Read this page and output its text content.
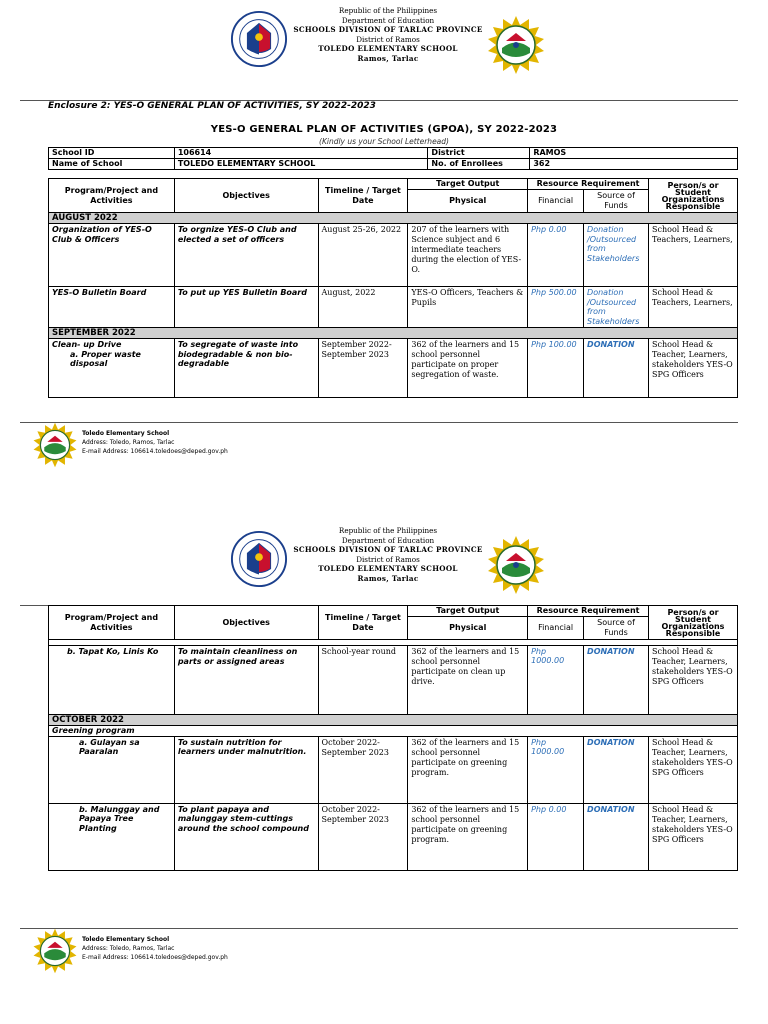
Republic of the Philippines
Department of Education
SCHOOLS DIVISION OF TARLAC PROVINCE
District of Ramos
TOLEDO ELEMENTARY SCHOOL
Ramos, Tarlac
Enclosure 2: YES-O GENERAL PLAN OF ACTIVITIES, SY 2022-2023
YES-O GENERAL PLAN OF ACTIVITIES (GPOA), SY 2022-2023
(Kindly us your School Letterhead)
School ID	106614	District	RAMOS
Name of School	TOLEDO ELEMENTARY SCHOOL	No. of Enrollees	362
Program/Project and Activities	Objectives	Timeline / Target Date	Target Output	Resource Requirement		Person/s or Student Organizations Responsible
			Physical	Financial	Source of Funds	
AUGUST 2022						
Organization of YES-O Club & Officers	To orgnize YES-O Club and elected a set of officers	August 25-26, 2022	207 of the learners with Science subject and 6 intermediate teachers during the election of YES-O.	Php 0.00	Donation /Outsourced from Stakeholders	School Head & Teachers, Learners,
YES-O Bulletin Board	To put up YES Bulletin Board	August, 2022	YES-O Officers, Teachers & Pupils	Php 500.00	Donation /Outsourced from Stakeholders	School Head & Teachers, Learners,
SEPTEMBER 2022						

Clean- up Drive
a. Proper waste disposal	To segregate of waste into biodegradable & non bio-degradable	September 2022-September 2023	362 of the learners and 15 school personnel participate on proper segregation of waste.	Php 100.00	DONATION	School Head & Teacher, Learners, stakeholders YES-O SPG Officers
Toledo Elementary School
Address: Toledo, Ramos, Tarlac
E-mail Address: 106614.toledoes@deped.gov.ph
Republic of the Philippines
Department of Education
SCHOOLS DIVISION OF TARLAC PROVINCE
District of Ramos
TOLEDO ELEMENTARY SCHOOL
Ramos, Tarlac
Program/Project and Activities	Objectives	Timeline / Target Date	Target Output	Resource Requirement		Person/s or Student Organizations Responsible
			Physical	Financial	Source of Funds	

b. Tapat Ko, Linis Ko	To maintain cleanliness on parts or assigned areas	School-year round	362 of the learners and 15 school personnel participate on clean up drive.	Php 1000.00	DONATION	School Head & Teacher, Learners, stakeholders YES-O SPG Officers
OCTOBER 2022						
Greening program						
a. Gulayan sa Paaralan	To sustain nutrition for learners under malnutrition.	October 2022-September 2023	362 of the learners and 15 school personnel participate on greening program.	Php 1000.00	DONATION	School Head & Teacher, Learners, stakeholders YES-O SPG Officers
b. Malunggay and Papaya Tree Planting	To plant papaya and malunggay stem-cuttings around the school compound	October 2022-September 2023	362 of the learners and 15 school personnel participate on greening program.	Php 0.00	DONATION	School Head & Teacher, Learners, stakeholders YES-O SPG Officers
Toledo Elementary School
Address: Toledo, Ramos, Tarlac
E-mail Address: 106614.toledoes@deped.gov.ph
